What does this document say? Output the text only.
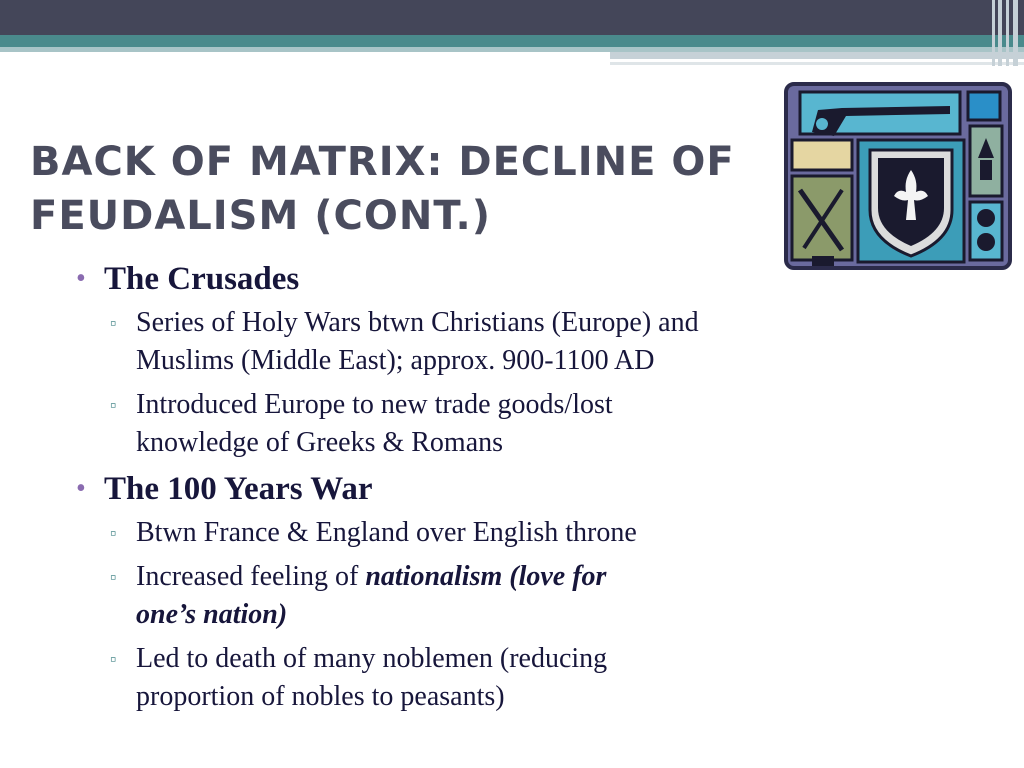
BACK OF MATRIX: DECLINE OF
FEUDALISM (CONT.)
• The Crusades
▫ Series of Holy Wars btwn Christians (Europe) and
Muslims (Middle East); approx. 900-1100 AD
▫ Introduced Europe to new trade goods/lost
knowledge of Greeks & Romans
• The 100 Years War
▫ Btwn France & England over English throne
▫ Increased feeling of nationalism (love for
one’s nation)
▫ Led to death of many noblemen (reducing
proportion of nobles to peasants)
